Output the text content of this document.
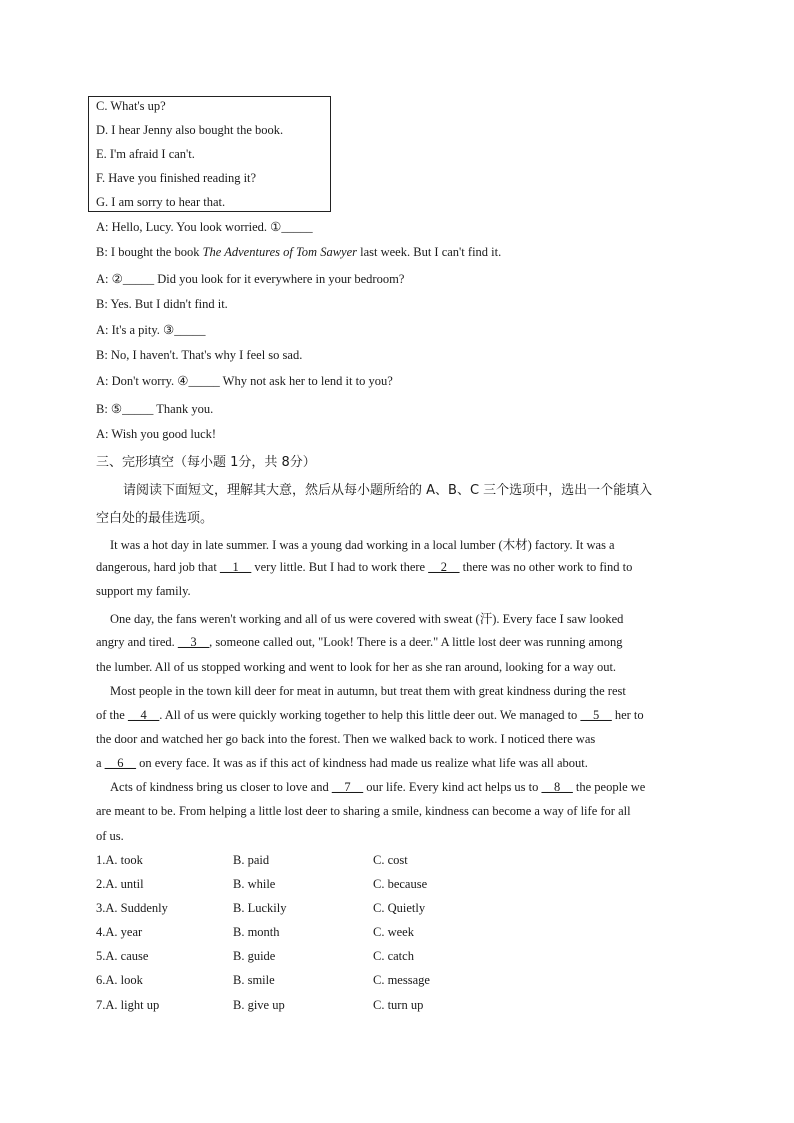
C. What's up?
D. I hear Jenny also bought the book.
E. I'm afraid I can't.
F. Have you finished reading it?
G. I am sorry to hear that.
A: Hello, Lucy. You look worried. ①_____
B: I bought the book The Adventures of Tom Sawyer last week. But I can't find it.
A: ②_____ Did you look for it everywhere in your bedroom?
B: Yes. But I didn't find it.
A: It's a pity. ③_____
B: No, I haven't. That's why I feel so sad.
A: Don't worry. ④_____ Why not ask her to lend it to you?
B: ⑤_____ Thank you.
A: Wish you good luck!
三、完形填空（每小题 1分，共 8分）
请阅读下面短文，理解其大意，然后从每小题所给的 A、B、C 三个选项中，选出一个能填入
空白处的最佳选项。
It was a hot day in late summer. I was a young dad working in a local lumber (木材) factory. It was a
dangerous, hard job that __1__ very little. But I had to work there __2__ there was no other work to find to
support my family.
One day, the fans weren't working and all of us were covered with sweat (汗). Every face I saw looked
angry and tired. __3__, someone called out, "Look! There is a deer." A little lost deer was running among
the lumber. All of us stopped working and went to look for her as she ran around, looking for a way out.
Most people in the town kill deer for meat in autumn, but treat them with great kindness during the rest
of the __4__. All of us were quickly working together to help this little deer out. We managed to __5__ her to
the door and watched her go back into the forest. Then we walked back to work. I noticed there was
a __6__ on every face. It was as if this act of kindness had made us realize what life was all about.
Acts of kindness bring us closer to love and __7__ our life. Every kind act helps us to __8__ the people we
are meant to be. From helping a little lost deer to sharing a smile, kindness can become a way of life for all
of us.
1.A. took	B. paid	C. cost
2.A. until	B. while	C. because
3.A. Suddenly	B. Luckily	C. Quietly
4.A. year	B. month	C. week
5.A. cause	B. guide	C. catch
6.A. look	B. smile	C. message
7.A. light up	B. give up	C. turn up
